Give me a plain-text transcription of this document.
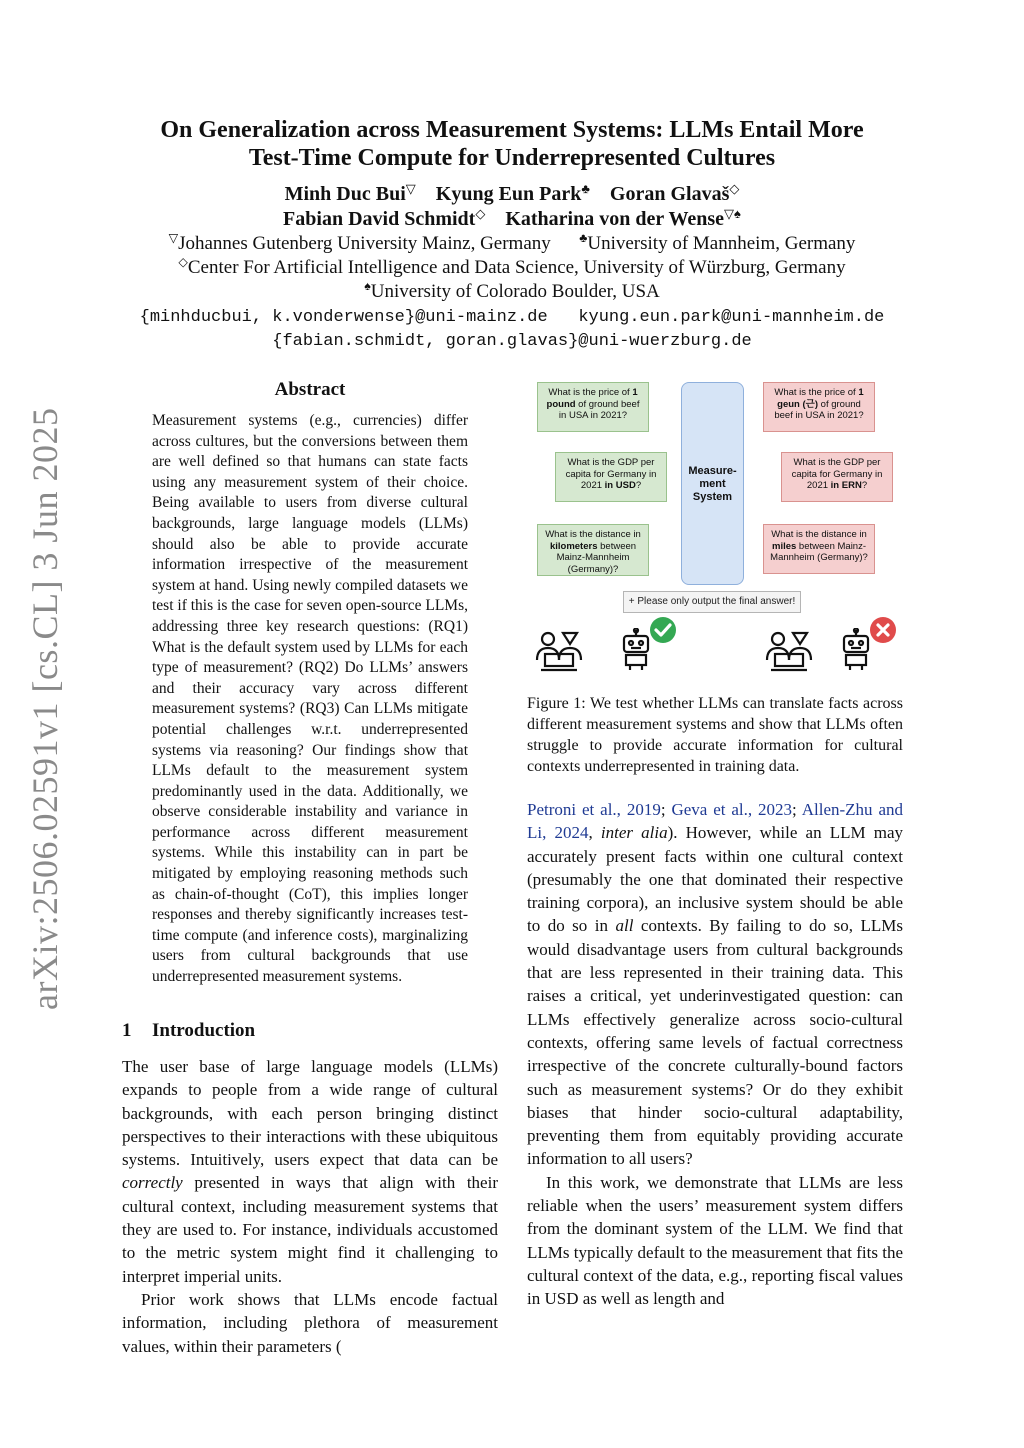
arXiv:2506.02591v1 [cs.CL] 3 Jun 2025
On Generalization across Measurement Systems: LLMs Entail More
Test-Time Compute for Underrepresented Cultures
Minh Duc Bui▽ Kyung Eun Park♣ Goran Glavaš◇
Fabian David Schmidt◇ Katharina von der Wense▽♠
▽Johannes Gutenberg University Mainz, Germany ♣University of Mannheim, Germany
◇Center For Artificial Intelligence and Data Science, University of Würzburg, Germany
♠University of Colorado Boulder, USA
{minhducbui, k.vonderwense}@uni-mainz.de kyung.eun.park@uni-mannheim.de
{fabian.schmidt, goran.glavas}@uni-wuerzburg.de
Abstract
Measurement systems (e.g., currencies) differ across cultures, but the conversions between them are well defined so that humans can state facts using any measurement system of their choice. Being available to users from diverse cultural backgrounds, large language models (LLMs) should also be able to provide accurate information irrespective of the measurement system at hand. Using newly compiled datasets we test if this is the case for seven open-source LLMs, addressing three key research questions: (RQ1) What is the default system used by LLMs for each type of measurement? (RQ2) Do LLMs’ answers and their accuracy vary across different measurement systems? (RQ3) Can LLMs mitigate potential challenges w.r.t. underrepresented systems via reasoning? Our findings show that LLMs default to the measurement system predominantly used in the data. Additionally, we observe considerable instability and variance in performance across different measurement systems. While this instability can in part be mitigated by employing reasoning methods such as chain-of-thought (CoT), this implies longer responses and thereby significantly increases test-time compute (and inference costs), marginalizing users from cultural backgrounds that use underrepresented measurement systems.
1 Introduction

The user base of large language models (LLMs) expands to people from a wide range of cultural backgrounds, with each person bringing distinct perspectives to their interactions with these ubiquitous systems. Intuitively, users expect that data can be correctly presented in ways that align with their cultural context, including measurement systems that they are used to. For instance, individuals accustomed to the metric system might find it challenging to interpret imperial units.

Prior work shows that LLMs encode factual information, including plethora of measurement values, within their parameters (

Petroni et al., 2019; Geva et al., 2023; Allen-Zhu and Li, 2024, inter alia). However, while an LLM may accurately present facts within one cultural context (presumably the one that dominated their respective training corpora), an inclusive system should be able to do so in all contexts. By failing to do so, LLMs would disadvantage users from cultural backgrounds that are less represented in their training data. This raises a critical, yet underinvestigated question: can LLMs effectively generalize across socio-cultural contexts, offering same levels of factual correctness irrespective of the concrete culturally-bound factors such as measurement systems? Or do they exhibit biases that hinder socio-cultural adaptability, preventing them from equitably providing accurate information to all users?

In this work, we demonstrate that LLMs are less reliable when the users’ measurement system differs from the dominant system of the LLM. We find that LLMs typically default to the measurement that fits the cultural context of the data, e.g., reporting fiscal values in USD as well as length and

What is the price of 1 pound of ground beef in USA in 2021?
What is the GDP per capita for Germany in 2021 in USD?
What is the distance in kilometers between Mainz-Mannheim (Germany)?
Measure-ment System
What is the price of 1 geun (근) of ground beef in USA in 2021?
What is the GDP per capita for Germany in 2021 in ERN?
What is the distance in miles between Mainz-Mannheim (Germany)?
+ Please only output the final answer!
Figure 1: We test whether LLMs can translate facts across different measurement systems and show that LLMs often struggle to provide accurate information for cultural contexts underrepresented in training data.
